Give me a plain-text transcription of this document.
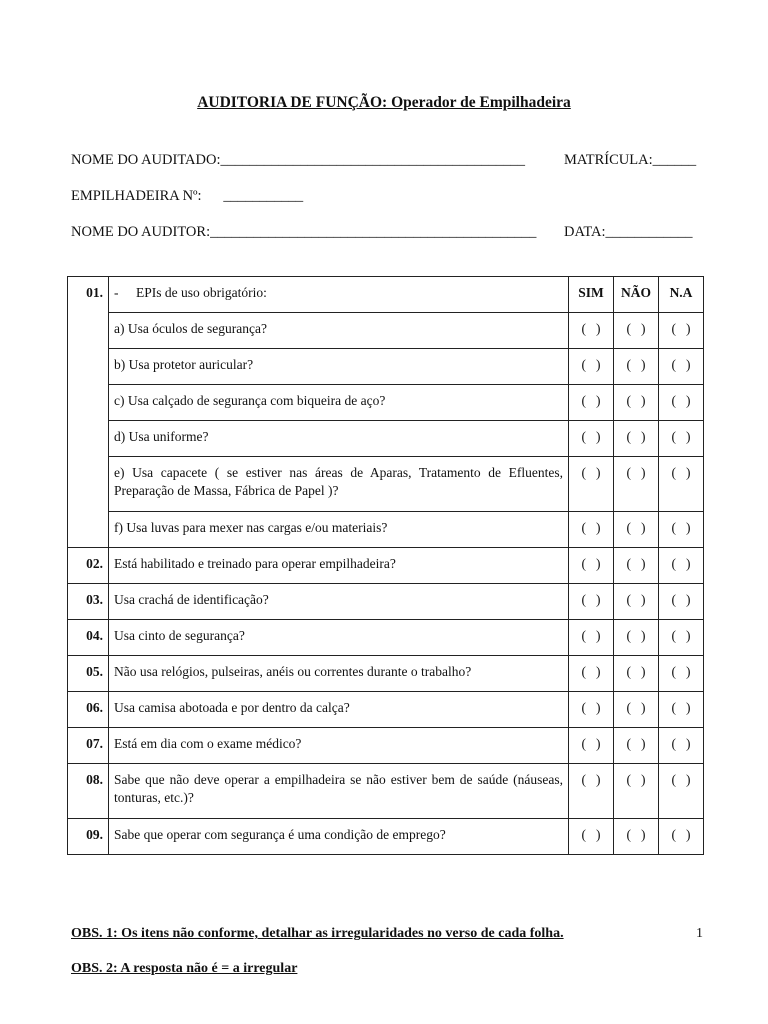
AUDITORIA DE FUNÇÃO: Operador de Empilhadeira
NOME DO AUDITADO:__________________________________________	MATRÍCULA:______
EMPILHADEIRA Nº:      ___________
NOME DO AUDITOR:_____________________________________________ DATA:____________
01.	- EPIs de uso obrigatório:	SIM	NÃO	N.A
	a) Usa óculos de segurança?	(   )	(   )	(   )
	b) Usa protetor auricular?	(   )	(   )	(   )
	c) Usa calçado de segurança com biqueira de aço?	(   )	(   )	(   )
	d) Usa uniforme?	(   )	(   )	(   )
	e) Usa capacete ( se estiver nas áreas de Aparas, Tratamento de Efluentes, Preparação de Massa, Fábrica de Papel )?	(   )	(   )	(   )
	f) Usa luvas para mexer nas cargas e/ou materiais?	(   )	(   )	(   )
02.	Está habilitado e treinado para operar empilhadeira?	(   )	(   )	(   )
03.	Usa crachá de identificação?	(   )	(   )	(   )
04.	Usa cinto de segurança?	(   )	(   )	(   )
05.	Não usa relógios, pulseiras, anéis ou correntes durante o trabalho?	(   )	(   )	(   )
06.	Usa camisa abotoada e por dentro da calça?	(   )	(   )	(   )
07.	Está em dia com o exame médico?	(   )	(   )	(   )
08.	Sabe que não deve operar a empilhadeira se não estiver bem de saúde (náuseas, tonturas, etc.)?	(   )	(   )	(   )
09.	Sabe que operar com segurança é uma condição de emprego?	(   )	(   )	(   )
OBS. 1: Os itens não conforme, detalhar as irregularidades no verso de cada folha.	1
OBS. 2: A resposta não é = a irregular
